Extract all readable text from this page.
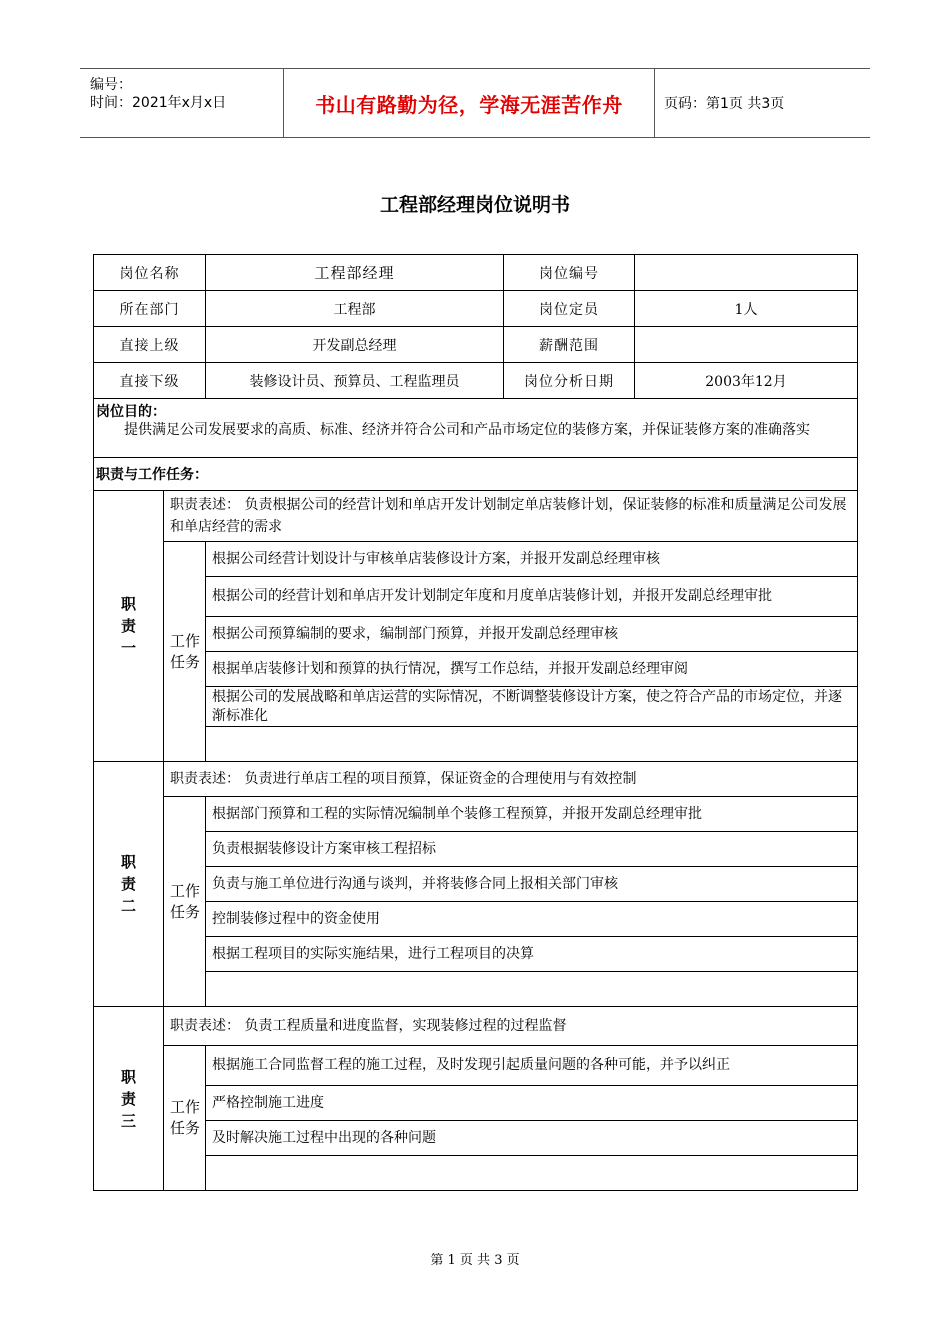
编号：
时间：2021年x月x日	书山有路勤为径，学海无涯苦作舟	页码：第1页 共3页
工程部经理岗位说明书
岗位名称		工程部经理	岗位编号	
所在部门		工程部	岗位定员	1人
直接上级		开发副总经理	薪酬范围	
直接下级		装修设计员、预算员、工程监理员	岗位分析日期	2003年12月

岗位目的：
提供满足公司发展要求的高质、标准、经济并符合公司和产品市场定位的装修方案，并保证装修方案的准确落实				

职责与工作任务：				

职责一	职责表述： 负责根据公司的经营计划和单店开发计划制定单店装修计划，保证装修的标准和质量满足公司发展和单店经营的需求			

	工作任务	根据公司经营计划设计与审核单店装修设计方案，并报开发副总经理审核		
		根据公司的经营计划和单店开发计划制定年度和月度单店装修计划，并报开发副总经理审批		
		根据公司预算编制的要求，编制部门预算，并报开发副总经理审核		
		根据单店装修计划和预算的执行情况，撰写工作总结，并报开发副总经理审阅		
		根据公司的发展战略和单店运营的实际情况，不断调整装修设计方案，使之符合产品的市场定位，并逐渐标准化		

职责二	职责表述： 负责进行单店工程的项目预算，保证资金的合理使用与有效控制			

	工作任务	根据部门预算和工程的实际情况编制单个装修工程预算，并报开发副总经理审批		
		负责根据装修设计方案审核工程招标		
		负责与施工单位进行沟通与谈判，并将装修合同上报相关部门审核		
		控制装修过程中的资金使用		
		根据工程项目的实际实施结果，进行工程项目的决算		

职责三	职责表述： 负责工程质量和进度监督，实现装修过程的过程监督			

	工作任务	根据施工合同监督工程的施工过程，及时发现引起质量问题的各种可能，并予以纠正		
		严格控制施工进度		
		及时解决施工过程中出现的各种问题		

第 1 页 共 3 页
